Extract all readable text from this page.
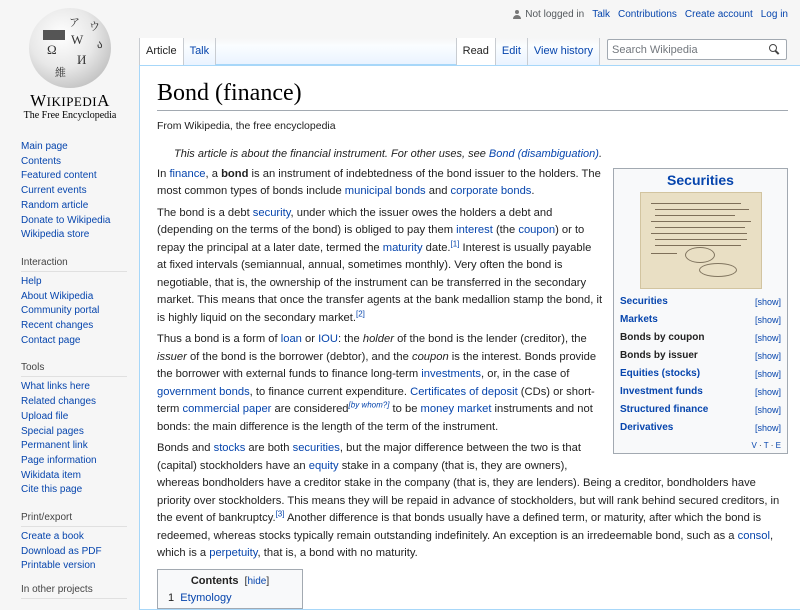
Ω
W
И
維
ウ
ア
ა
WIKIPEDIA
The Free Encyclopedia
Not logged in Talk Contributions Create account Log in
Article	Talk	Read	Edit	View history
Search Wikipedia
Main page
Contents
Featured content
Current events
Random article
Donate to Wikipedia
Wikipedia store
Interaction
Help
About Wikipedia
Community portal
Recent changes
Contact page
Tools
What links here
Related changes
Upload file
Special pages
Permanent link
Page information
Wikidata item
Cite this page
Print/export
Create a book
Download as PDF
Printable version
In other projects
Bond (finance)
From Wikipedia, the free encyclopedia
This article is about the financial instrument. For other uses, see Bond (disambiguation).
Securities
Securities	[show]
Markets	[show]
Bonds by coupon	[show]
Bonds by issuer	[show]
Equities (stocks)	[show]
Investment funds	[show]
Structured finance	[show]
Derivatives	[show]
V · T · E

In finance, a bond is an instrument of indebtedness of the bond issuer to the holders. The most common types of bonds include municipal bonds and corporate bonds.

The bond is a debt security, under which the issuer owes the holders a debt and (depending on the terms of the bond) is obliged to pay them interest (the coupon) or to repay the principal at a later date, termed the maturity date.[1] Interest is usually payable at fixed intervals (semiannual, annual, sometimes monthly). Very often the bond is negotiable, that is, the ownership of the instrument can be transferred in the secondary market. This means that once the transfer agents at the bank medallion stamp the bond, it is highly liquid on the secondary market.[2]

Thus a bond is a form of loan or IOU: the holder of the bond is the lender (creditor), the issuer of the bond is the borrower (debtor), and the coupon is the interest. Bonds provide the borrower with external funds to finance long-term investments, or, in the case of government bonds, to finance current expenditure. Certificates of deposit (CDs) or short-term commercial paper are considered[by whom?] to be money market instruments and not bonds: the main difference is the length of the term of the instrument.

Bonds and stocks are both securities, but the major difference between the two is that (capital) stockholders have an equity stake in a company (that is, they are owners), whereas bondholders have a creditor stake in the company (that is, they are lenders). Being a creditor, bondholders have priority over stockholders. This means they will be repaid in advance of stockholders, but will rank behind secured creditors, in the event of bankruptcy.[3] Another difference is that bonds usually have a defined term, or maturity, after which the bond is redeemed, whereas stocks typically remain outstanding indefinitely. An exception is an irredeemable bond, such as a consol, which is a perpetuity, that is, a bond with no maturity.

Contents [hide]
1 Etymology
